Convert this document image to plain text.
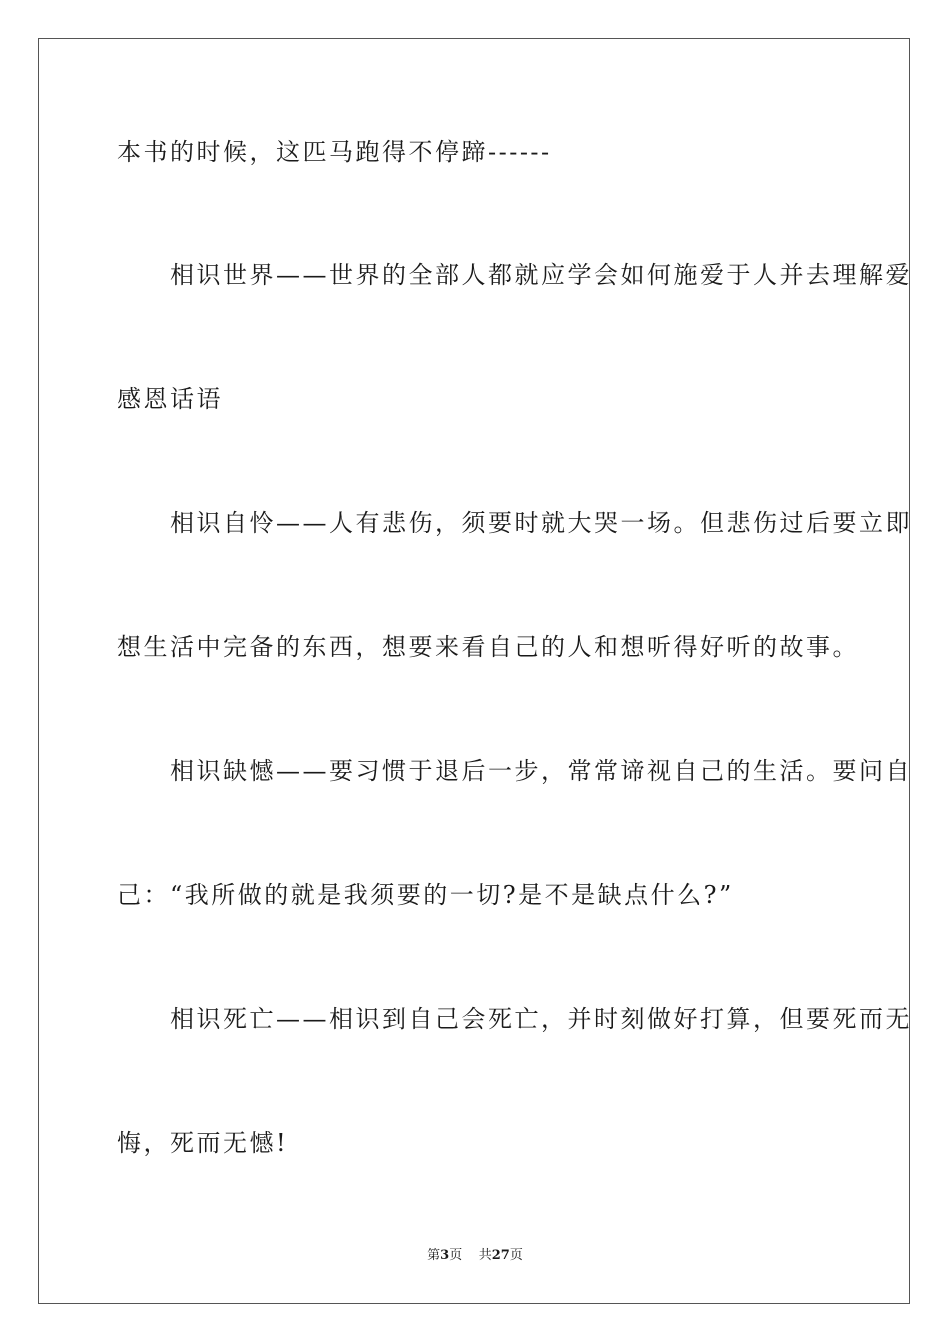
本书的时候，这匹马跑得不停蹄------
　　相识世界——世界的全部人都就应学会如何施爱于人并去理解爱
感恩话语
　　相识自怜——人有悲伤，须要时就大哭一场。但悲伤过后要立即
想生活中完备的东西，想要来看自己的人和想听得好听的故事。
　　相识缺憾——要习惯于退后一步，常常谛视自己的生活。要问自
己：“我所做的就是我须要的一切?是不是缺点什么?”
　　相识死亡——相识到自己会死亡，并时刻做好打算，但要死而无
悔，死而无憾!
第3页 共27页
